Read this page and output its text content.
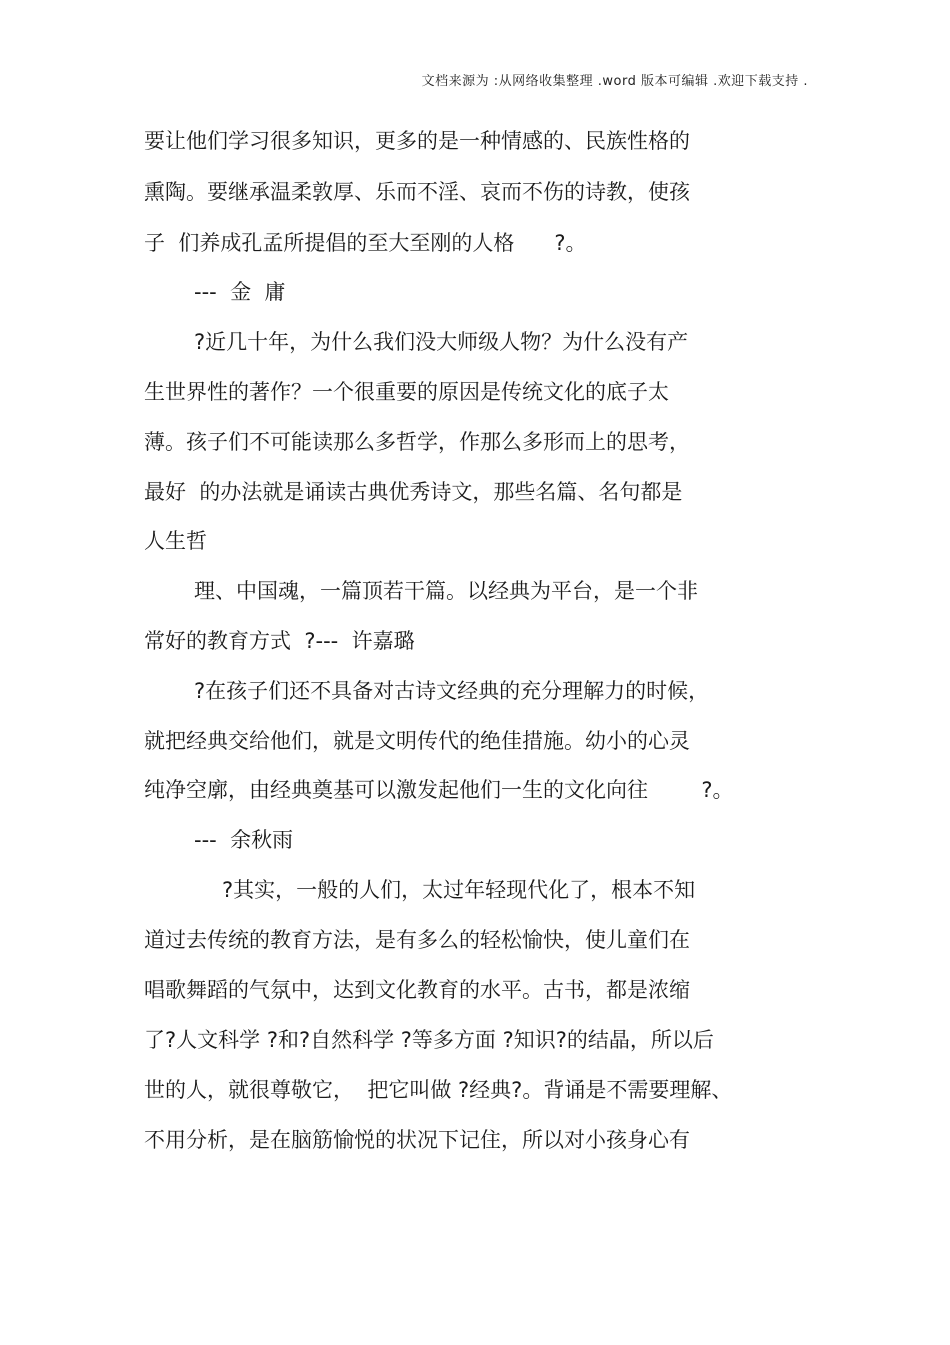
文档来源为 :从网络收集整理 .word 版本可编辑 .欢迎下载支持 .
要让他们学习很多知识，更多的是一种情感的、民族性格的
熏陶。要继承温柔敦厚、乐而不淫、哀而不伤的诗教，使孩
子  们养成孔孟所提倡的至大至刚的人格      ?。
---  金  庸
?近几十年，为什么我们没大师级人物？为什么没有产
生世界性的著作？一个很重要的原因是传统文化的底子太
薄。孩子们不可能读那么多哲学，作那么多形而上的思考，
最好  的办法就是诵读古典优秀诗文，那些名篇、名句都是
人生哲
理、中国魂，一篇顶若干篇。以经典为平台，是一个非
常好的教育方式  ?---  许嘉璐
?在孩子们还不具备对古诗文经典的充分理解力的时候，
就把经典交给他们，就是文明传代的绝佳措施。幼小的心灵
纯净空廓，由经典奠基可以激发起他们一生的文化向往        ?。
---  余秋雨
?其实，一般的人们，太过年轻现代化了，根本不知
道过去传统的教育方法，是有多么的轻松愉快，使儿童们在
唱歌舞蹈的气氛中，达到文化教育的水平。古书，都是浓缩
了?人文科学 ?和?自然科学 ?等多方面 ?知识?的结晶，所以后
世的人，就很尊敬它，  把它叫做 ?经典?。背诵是不需要理解、
不用分析，是在脑筋愉悦的状况下记住，所以对小孩身心有
